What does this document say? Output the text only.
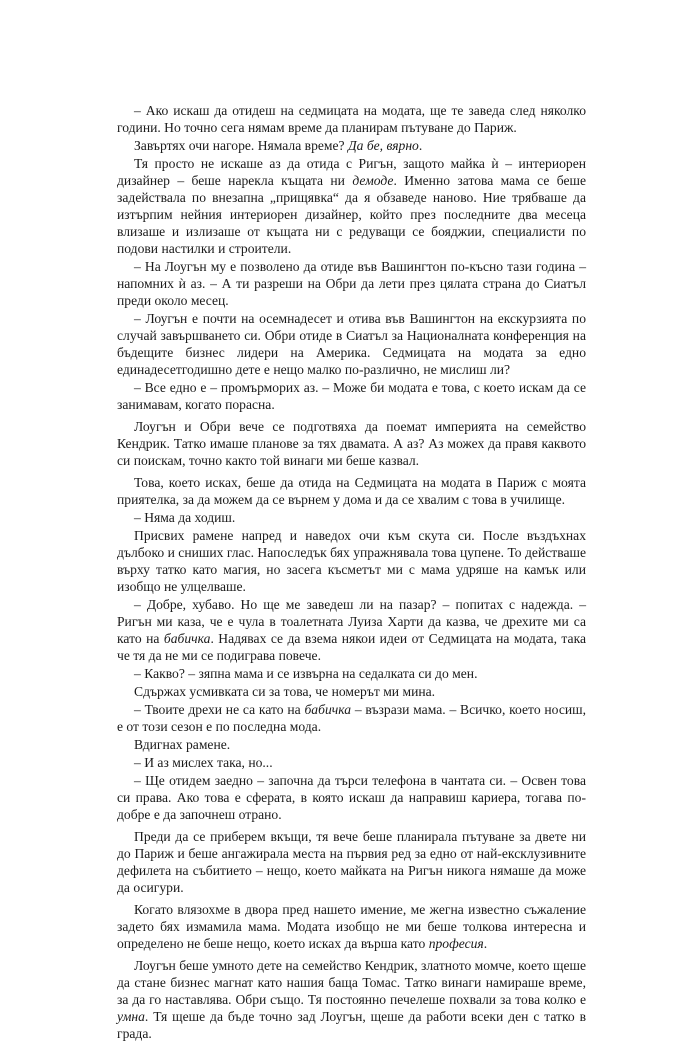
– Ако искаш да отидеш на седмицата на модата, ще те заведа след няколко години. Но точно сега нямам време да планирам пътуване до Париж.

Завъртях очи нагоре. Нямала време? Да бе, вярно.

Тя просто не искаше аз да отида с Ригън, защото майка ѝ – интериорен дизайнер – беше нарекла къщата ни демоде. Именно затова мама се беше задействала по внезапна „прищявка“ да я обзаведе наново. Ние трябваше да изтърпим нейния интериорен дизайнер, който през последните два месеца влизаше и излизаше от къщата ни с редуващи се бояджии, специалисти по подови настилки и строители.

– На Лоугън му е позволено да отиде във Вашингтон по-късно тази година – напомних ѝ аз. – А ти разреши на Обри да лети през цялата страна до Сиатъл преди около месец.

– Лоугън е почти на осемнадесет и отива във Вашингтон на екскурзията по случай завършването си. Обри отиде в Сиатъл за Националната конференция на бъдещите бизнес лидери на Америка. Седмицата на модата за едно единадесетгодишно дете е нещо малко по-различно, не мислиш ли?

– Все едно е – промърморих аз. – Може би модата е това, с което искам да се занимавам, когато порасна.

Лоугън и Обри вече се подготвяха да поемат империята на семейство Кендрик. Татко имаше планове за тях двамата. А аз? Аз можех да правя каквото си поискам, точно както той винаги ми беше казвал.

Това, което исках, беше да отида на Седмицата на модата в Париж с моята приятелка, за да можем да се върнем у дома и да се хвалим с това в училище.

– Няма да ходиш.

Присвих рамене напред и наведох очи към скута си. После въздъхнах дълбоко и сниших глас. Напоследък бях упражнявала това цупене. То действаше върху татко като магия, но засега късметът ми с мама удряше на камък или изобщо не улцелваше.

– Добре, хубаво. Но ще ме заведеш ли на пазар? – попитах с надежда. – Ригън ми каза, че е чула в тоалетната Луиза Харти да казва, че дрехите ми са като на бабичка. Надявах се да взема някои идеи от Седмицата на модата, така че тя да не ми се подиграва повече.

– Какво? – зяпна мама и се извърна на седалката си до мен.

Сдържах усмивката си за това, че номерът ми мина.

– Твоите дрехи не са като на бабичка – възрази мама. – Всичко, което носиш, е от този сезон е по последна мода.

Вдигнах рамене.

– И аз мислех така, но...

– Ще отидем заедно – започна да търси телефона в чантата си. – Освен това си права. Ако това е сферата, в която искаш да направиш кариера, тогава по-добре е да започнеш отрано.

Преди да се приберем вкъщи, тя вече беше планирала пътуване за двете ни до Париж и беше ангажирала места на първия ред за едно от най-ексклузивните дефилета на събитието – нещо, което майката на Ригън никога нямаше да може да осигури.

Когато влязохме в двора пред нашето имение, ме жегна известно съжаление задето бях измамила мама. Модата изобщо не ми беше толкова интересна и определено не беше нещо, което исках да върша като професия.

Лоугън беше умното дете на семейство Кендрик, златното момче, което щеше да стане бизнес магнат като нашия баща Томас. Татко винаги намираше време, за да го наставлява. Обри също. Тя постоянно печелеше похвали за това колко е умна. Тя щеше да бъде точно зад Лоугън, щеше да работи всеки ден с татко в града.
